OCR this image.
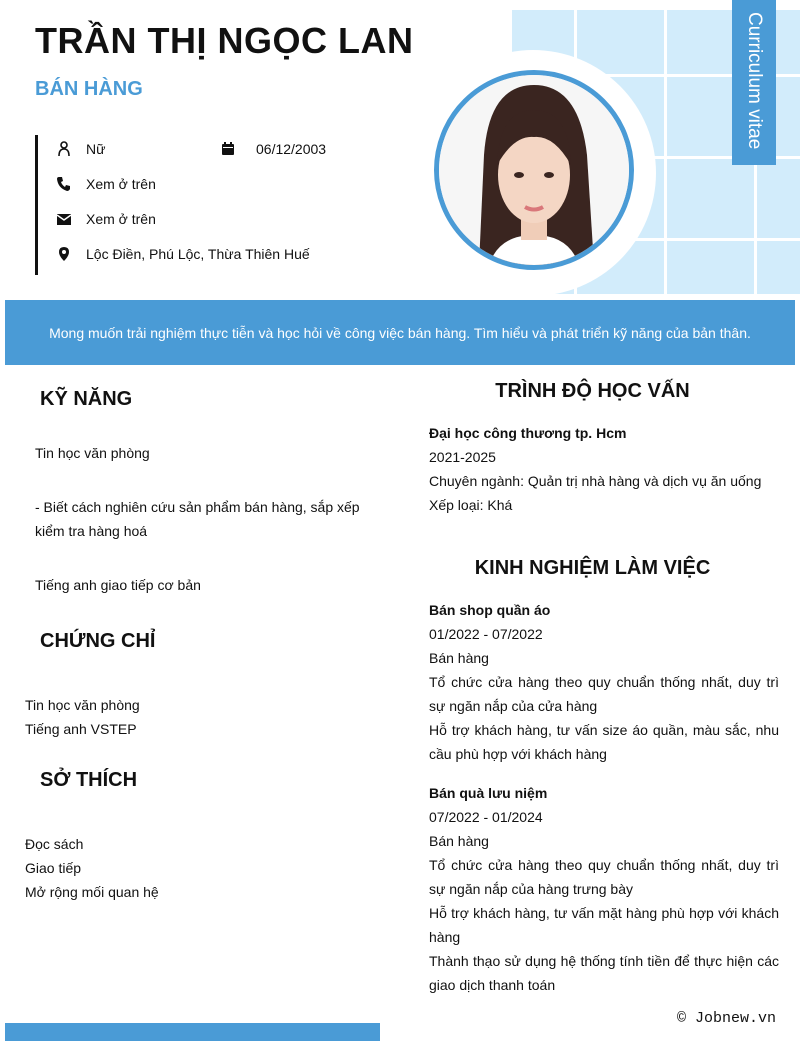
Curriculum vitae
TRẦN THỊ NGỌC LAN
BÁN HÀNG
Nữ	06/12/2003
Xem ở trên
Xem ở trên
Lộc Điền, Phú Lộc, Thừa Thiên Huế
Mong muốn trải nghiệm thực tiễn và học hỏi về công việc bán hàng. Tìm hiểu và phát triển kỹ năng của bản thân.
KỸ NĂNG
Tin học văn phòng
- Biết cách nghiên cứu sản phẩm bán hàng, sắp xếp kiểm tra hàng hoá
Tiếng anh giao tiếp cơ bản
CHỨNG CHỈ
Tin học văn phòng
Tiếng anh VSTEP
SỞ THÍCH
Đọc sách
Giao tiếp
Mở rộng mối quan hệ
TRÌNH ĐỘ HỌC VẤN
Đại học công thương tp. Hcm
2021-2025
Chuyên ngành: Quản trị nhà hàng và dịch vụ ăn uống
Xếp loại: Khá
KINH NGHIỆM LÀM VIỆC
Bán shop quần áo
01/2022 - 07/2022
Bán hàng
Tổ chức cửa hàng theo quy chuẩn thống nhất, duy trì sự ngăn nắp của cửa hàng
Hỗ trợ khách hàng, tư vấn size áo quần, màu sắc, nhu cầu phù hợp với khách hàng
Bán quà lưu niệm
07/2022 - 01/2024
Bán hàng
Tổ chức cửa hàng theo quy chuẩn thống nhất, duy trì sự ngăn nắp của hàng trưng bày
Hỗ trợ khách hàng, tư vấn mặt hàng phù hợp với khách hàng
Thành thạo sử dụng hệ thống tính tiền để thực hiện các giao dịch thanh toán
© Jobnew.vn
